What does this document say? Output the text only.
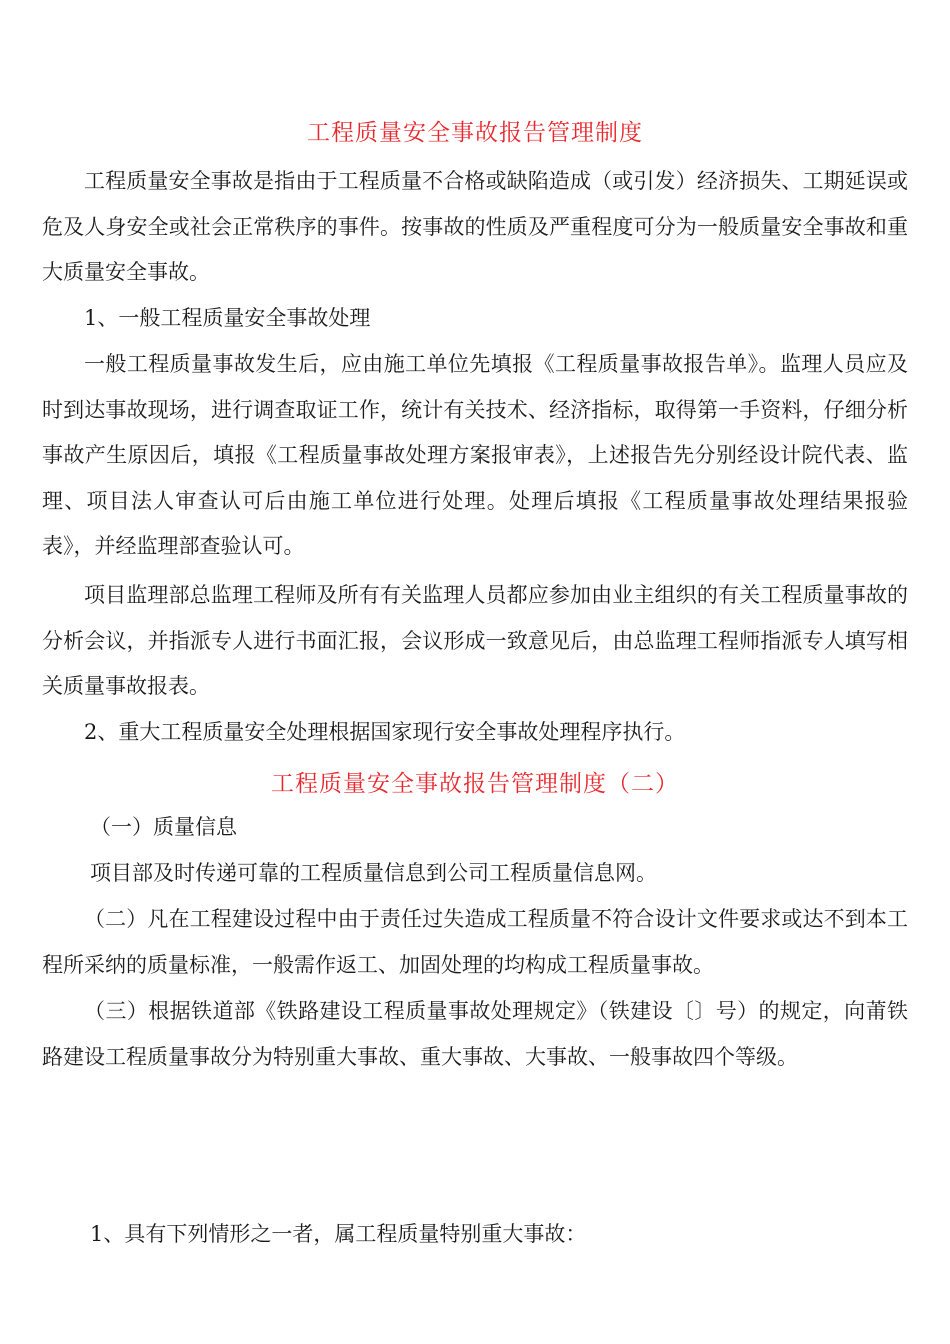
工程质量安全事故报告管理制度

工程质量安全事故是指由于工程质量不合格或缺陷造成（或引发）经济损失、工期延误或危及人身安全或社会正常秩序的事件。按事故的性质及严重程度可分为一般质量安全事故和重大质量安全事故。

1、一般工程质量安全事故处理

一般工程质量事故发生后，应由施工单位先填报《工程质量事故报告单》。监理人员应及时到达事故现场，进行调查取证工作，统计有关技术、经济指标，取得第一手资料，仔细分析事故产生原因后，填报《工程质量事故处理方案报审表》，上述报告先分别经设计院代表、监理、项目法人审查认可后由施工单位进行处理。处理后填报《工程质量事故处理结果报验表》，并经监理部查验认可。

项目监理部总监理工程师及所有有关监理人员都应参加由业主组织的有关工程质量事故的分析会议，并指派专人进行书面汇报，会议形成一致意见后，由总监理工程师指派专人填写相关质量事故报表。

2、重大工程质量安全处理根据国家现行安全事故处理程序执行。

工程质量安全事故报告管理制度（二）

（一）质量信息

项目部及时传递可靠的工程质量信息到公司工程质量信息网。

（二）凡在工程建设过程中由于责任过失造成工程质量不符合设计文件要求或达不到本工程所采纳的质量标准，一般需作返工、加固处理的均构成工程质量事故。

（三）根据铁道部《铁路建设工程质量事故处理规定》（铁建设〔〕号）的规定，向莆铁路建设工程质量事故分为特别重大事故、重大事故、大事故、一般事故四个等级。

1、具有下列情形之一者，属工程质量特别重大事故：
